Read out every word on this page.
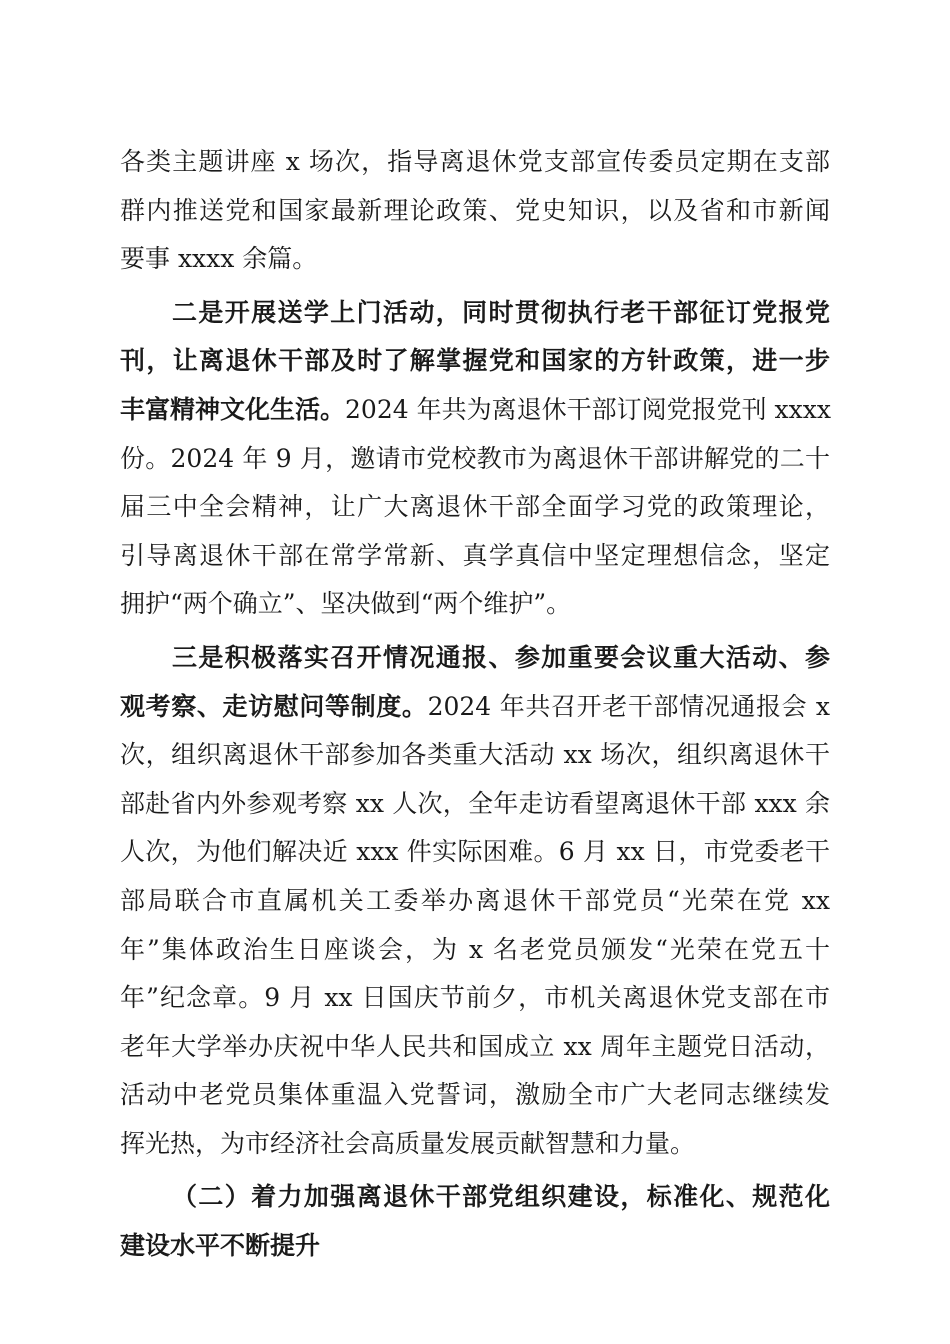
各类主题讲座 x 场次，指导离退休党支部宣传委员定期在支部
群内推送党和国家最新理论政策、党史知识，以及省和市新闻
要事 xxxx 余篇。
二是开展送学上门活动，同时贯彻执行老干部征订党报党
刊，让离退休干部及时了解掌握党和国家的方针政策，进一步
丰富精神文化生活。2024 年共为离退休干部订阅党报党刊 xxxx
份。2024 年 9 月，邀请市党校教市为离退休干部讲解党的二十
届三中全会精神，让广大离退休干部全面学习党的政策理论，
引导离退休干部在常学常新、真学真信中坚定理想信念，坚定
拥护“两个确立”、坚决做到“两个维护”。
三是积极落实召开情况通报、参加重要会议重大活动、参
观考察、走访慰问等制度。2024 年共召开老干部情况通报会 x
次，组织离退休干部参加各类重大活动 xx 场次，组织离退休干
部赴省内外参观考察 xx 人次，全年走访看望离退休干部 xxx 余
人次，为他们解决近 xxx 件实际困难。6 月 xx 日，市党委老干
部局联合市直属机关工委举办离退休干部党员“光荣在党 xx
年”集体政治生日座谈会，为 x 名老党员颁发“光荣在党五十
年”纪念章。9 月 xx 日国庆节前夕，市机关离退休党支部在市
老年大学举办庆祝中华人民共和国成立 xx 周年主题党日活动，
活动中老党员集体重温入党誓词，激励全市广大老同志继续发
挥光热，为市经济社会高质量发展贡献智慧和力量。
（二）着力加强离退休干部党组织建设，标准化、规范化
建设水平不断提升
